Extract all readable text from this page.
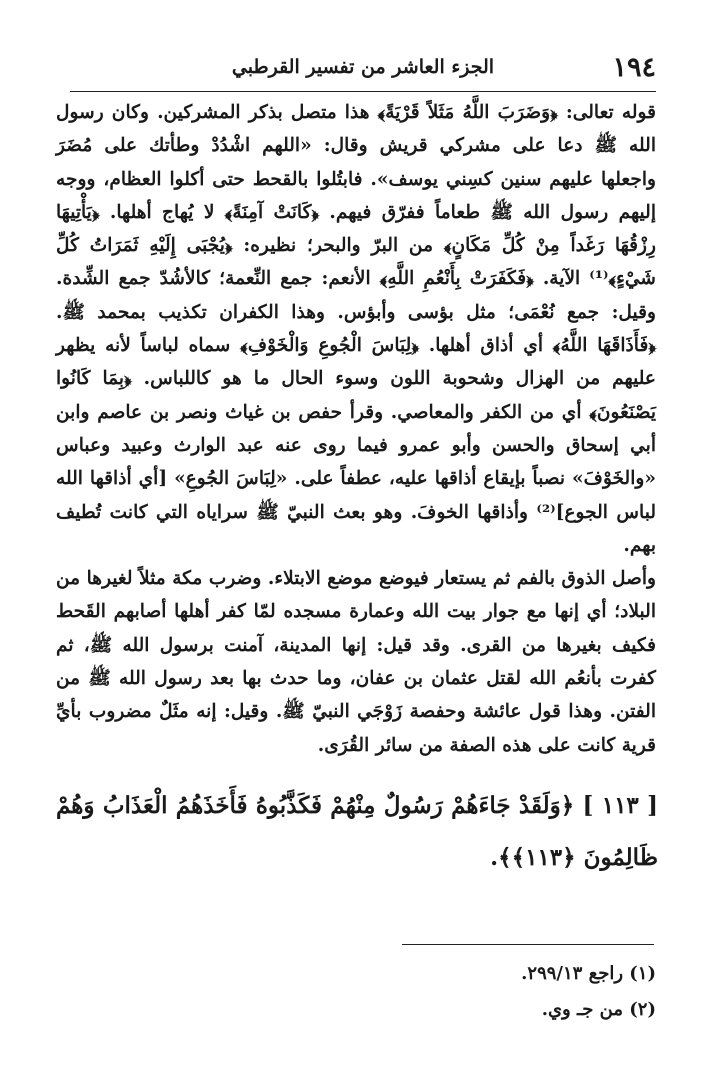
١٩٤
الجزء العاشر من تفسير القرطبي

قوله تعالى: ﴿وَضَرَبَ اللَّهُ مَثَلاً قَرْيَةً﴾ هذا متصل بذكر المشركين. وكان رسول الله ﷺ دعا على مشركي قريش وقال: «اللهم اشْدُدْ وطأتك على مُضَرَ واجعلها عليهم سنين كسِني يوسف». فابتُلوا بالقحط حتى أكلوا العظام، ووجه إليهم رسول الله ﷺ طعاماً ففرّق فيهم. ﴿كَانَتْ آمِنَةً﴾ لا يُهاج أهلها. ﴿يَأْتِيهَا رِزْقُهَا رَغَداً مِنْ كُلِّ مَكَانٍ﴾ من البرّ والبحر؛ نظيره: ﴿يُجْبَى إِلَيْهِ ثَمَرَاتُ كُلِّ شَيْءٍ﴾⁽¹⁾ الآية. ﴿فَكَفَرَتْ بِأَنْعُمِ اللَّهِ﴾ الأنعم: جمع النِّعمة؛ كالأشُدّ جمع الشِّدة. وقيل: جمع نُعْمَى؛ مثل بؤسى وأبؤس. وهذا الكفران تكذيب بمحمد ﷺ. ﴿فَأَذَاقَهَا اللَّهُ﴾ أي أذاق أهلها. ﴿لِبَاسَ الْجُوعِ وَالْخَوْفِ﴾ سماه لباساً لأنه يظهر عليهم من الهزال وشحوبة اللون وسوء الحال ما هو كاللباس. ﴿بِمَا كَانُوا يَصْنَعُونَ﴾ أي من الكفر والمعاصي. وقرأ حفص بن غياث ونصر بن عاصم وابن أبي إسحاق والحسن وأبو عمرو فيما روى عنه عبد الوارث وعبيد وعباس «والخَوْفَ» نصباً بإيقاع أذاقها عليه، عطفاً على. «لِبَاسَ الجُوعِ» [أي أذاقها الله لباس الجوع]⁽²⁾ وأذاقها الخوفَ. وهو بعث النبيّ ﷺ سراياه التي كانت تُطيف بهم.

وأصل الذوق بالفم ثم يستعار فيوضع موضع الابتلاء. وضرب مكة مثلاً لغيرها من البلاد؛ أي إنها مع جوار بيت الله وعمارة مسجده لمّا كفر أهلها أصابهم القَحط فكيف بغيرها من القرى. وقد قيل: إنها المدينة، آمنت برسول الله ﷺ، ثم كفرت بأنعُم الله لقتل عثمان بن عفان، وما حدث بها بعد رسول الله ﷺ من الفتن. وهذا قول عائشة وحفصة زَوْجَي النبيّ ﷺ. وقيل: إنه مثَلٌ مضروب بأيِّ قرية كانت على هذه الصفة من سائر القُرَى.

[ ١١٣ ] ﴿وَلَقَدْ جَاءَهُمْ رَسُولٌ مِنْهُمْ فَكَذَّبُوهُ فَأَخَذَهُمُ الْعَذَابُ وَهُمْ ظَالِمُونَ ﴿١١٣﴾﴾.

(١) راجع ٢٩٩/١٣.

(٢) من جـ وي.
